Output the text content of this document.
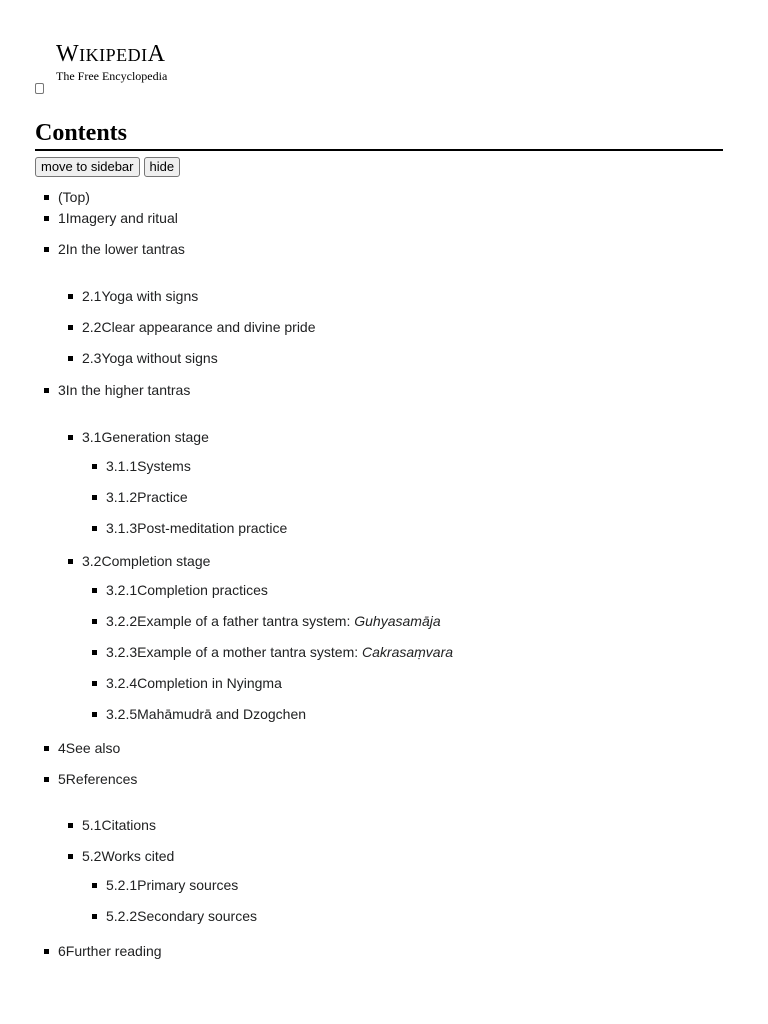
WIKIPEDIA
The Free Encyclopedia
Contents
move to sidebar	hide
(Top)
1Imagery and ritual
2In the lower tantras
2.1Yoga with signs
2.2Clear appearance and divine pride
2.3Yoga without signs
3In the higher tantras
3.1Generation stage
3.1.1Systems
3.1.2Practice
3.1.3Post-meditation practice
3.2Completion stage
3.2.1Completion practices
3.2.2Example of a father tantra system: Guhyasamāja
3.2.3Example of a mother tantra system: Cakrasaṃvara
3.2.4Completion in Nyingma
3.2.5Mahāmudrā and Dzogchen
4See also
5References
5.1Citations
5.2Works cited
5.2.1Primary sources
5.2.2Secondary sources
6Further reading
